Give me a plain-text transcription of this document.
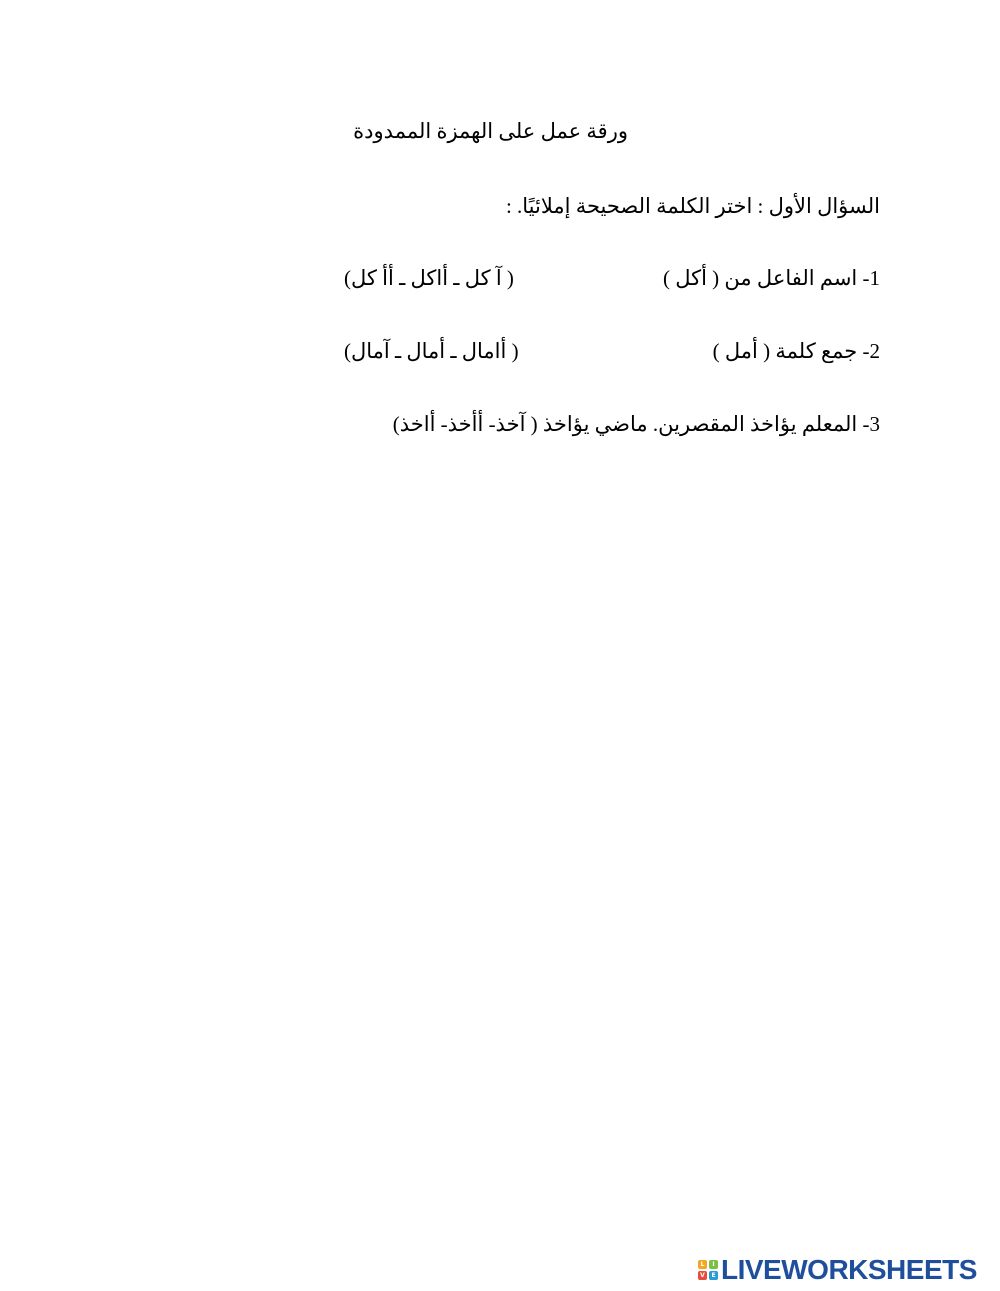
ورقة عمل على الهمزة الممدودة
السؤال الأول : اختر الكلمة الصحيحة إملائيًا. :
1- اسم الفاعل من ( أكل )
( آ كل ـ أاكل ـ أأ كل)
2- جمع كلمة ( أمل )
( أامال ـ أمال ـ آمال)
3- المعلم يؤاخذ المقصرين. ماضي يؤاخذ ( آخذ- أأخذ- أاخذ)
L	I
V	E LIVEWORKSHEETS
